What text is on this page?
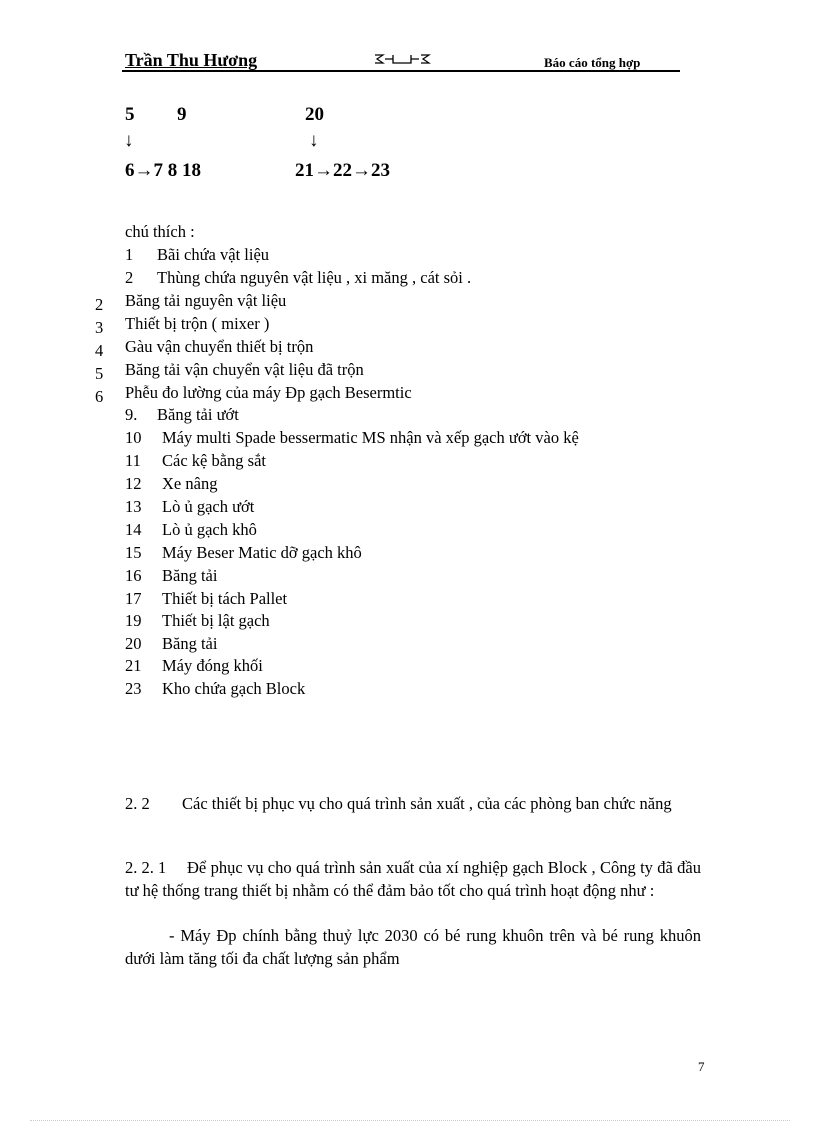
Trần Thu Hương	Báo cáo tổng hợp
5 9	20
↓	↓
6→7 8 18	21→22→23
chú thích :
1 Bãi chứa vật liệu
2 Thùng chứa nguyên vật liệu , xi măng , cát sỏi .
2 Băng tải nguyên vật liệu
3 Thiết bị trộn ( mixer )
4 Gàu vận chuyển thiết bị trộn
5 Băng tải vận chuyển vật liệu đã trộn
6 Phễu đo lường của máy Đp gạch Besermtic
9. Băng tải ướt
10 Máy multi Spade bessermatic MS nhận và xếp gạch ướt vào kệ
11 Các kệ bằng sắt
12 Xe nâng
13 Lò ủ gạch ướt
14 Lò ủ gạch khô
15 Máy Beser Matic dỡ gạch khô
16 Băng tải
17 Thiết bị tách Pallet
19 Thiết bị lật gạch
20 Băng tải
21 Máy đóng khối
23 Kho chứa gạch Block
2. 2 Các thiết bị phục vụ cho quá trình sản xuất , của các phòng ban chức năng
2. 2. 1 Để phục vụ cho quá trình sản xuất của xí nghiệp gạch Block , Công ty đã đầu tư hệ thống trang thiết bị nhằm có thể đảm bảo tốt cho quá trình hoạt động như :
- Máy Đp chính bằng thuỷ lực 2030 có bé rung khuôn trên và bé rung khuôn dưới làm tăng tối đa chất lượng sản phẩm
7
